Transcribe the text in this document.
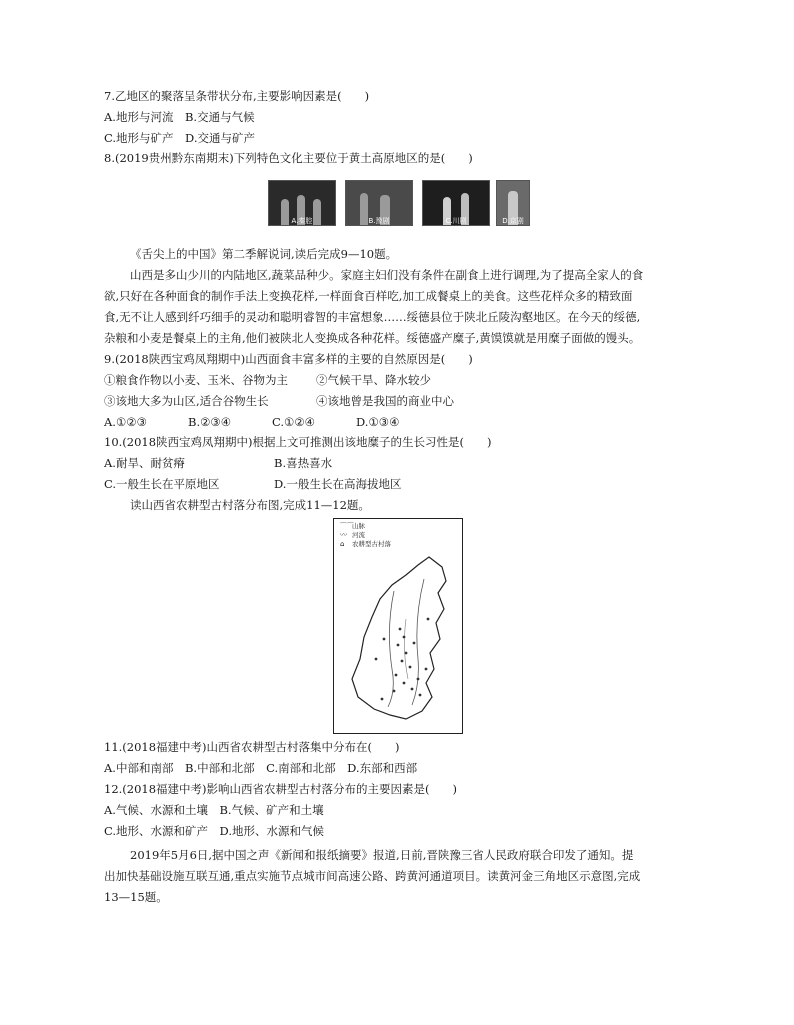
7.乙地区的聚落呈条带状分布,主要影响因素是(　　)
A.地形与河流　B.交通与气候
C.地形与矿产　D.交通与矿产
8.(2019贵州黔东南期末)下列特色文化主要位于黄土高原地区的是(　　)
A.秦腔	B.豫剧	C.川剧	D.京剧
《舌尖上的中国》第二季解说词,读后完成9—10题。
山西是多山少川的内陆地区,蔬菜品种少。家庭主妇们没有条件在副食上进行调理,为了提高全家人的食
欲,只好在各种面食的制作手法上变换花样,一样面食百样吃,加工成餐桌上的美食。这些花样众多的精致面
食,无不让人感到纤巧细手的灵动和聪明睿智的丰富想象……绥德县位于陕北丘陵沟壑地区。在今天的绥德,
杂粮和小麦是餐桌上的主角,他们被陕北人变换成各种花样。绥德盛产糜子,黄馍馍就是用糜子面做的馒头。
9.(2018陕西宝鸡凤翔期中)山西面食丰富多样的主要的自然原因是(　　)
①粮食作物以小麦、玉米、谷物为主 ②气候干旱、降水较少
③该地大多为山区,适合谷物生长	④该地曾是我国的商业中心
A.①②③	B.②③④	C.①②④	D.①③④
10.(2018陕西宝鸡凤翔期中)根据上文可推测出该地糜子的生长习性是(　　)
A.耐旱、耐贫瘠	B.喜热喜水
C.一般生长在平原地区	D.一般生长在高海拔地区
读山西省农耕型古村落分布图,完成11—12题。
⌒⌒山脉
〰 河流
⌂ 农耕型古村落
11.(2018福建中考)山西省农耕型古村落集中分布在(　　)
A.中部和南部　B.中部和北部　C.南部和北部　D.东部和西部
12.(2018福建中考)影响山西省农耕型古村落分布的主要因素是(　　)
A.气候、水源和土壤　B.气候、矿产和土壤
C.地形、水源和矿产　D.地形、水源和气候
2019年5月6日,据中国之声《新闻和报纸摘要》报道,日前,晋陕豫三省人民政府联合印发了通知。提
出加快基础设施互联互通,重点实施节点城市间高速公路、跨黄河通道项目。读黄河金三角地区示意图,完成
13—15题。
